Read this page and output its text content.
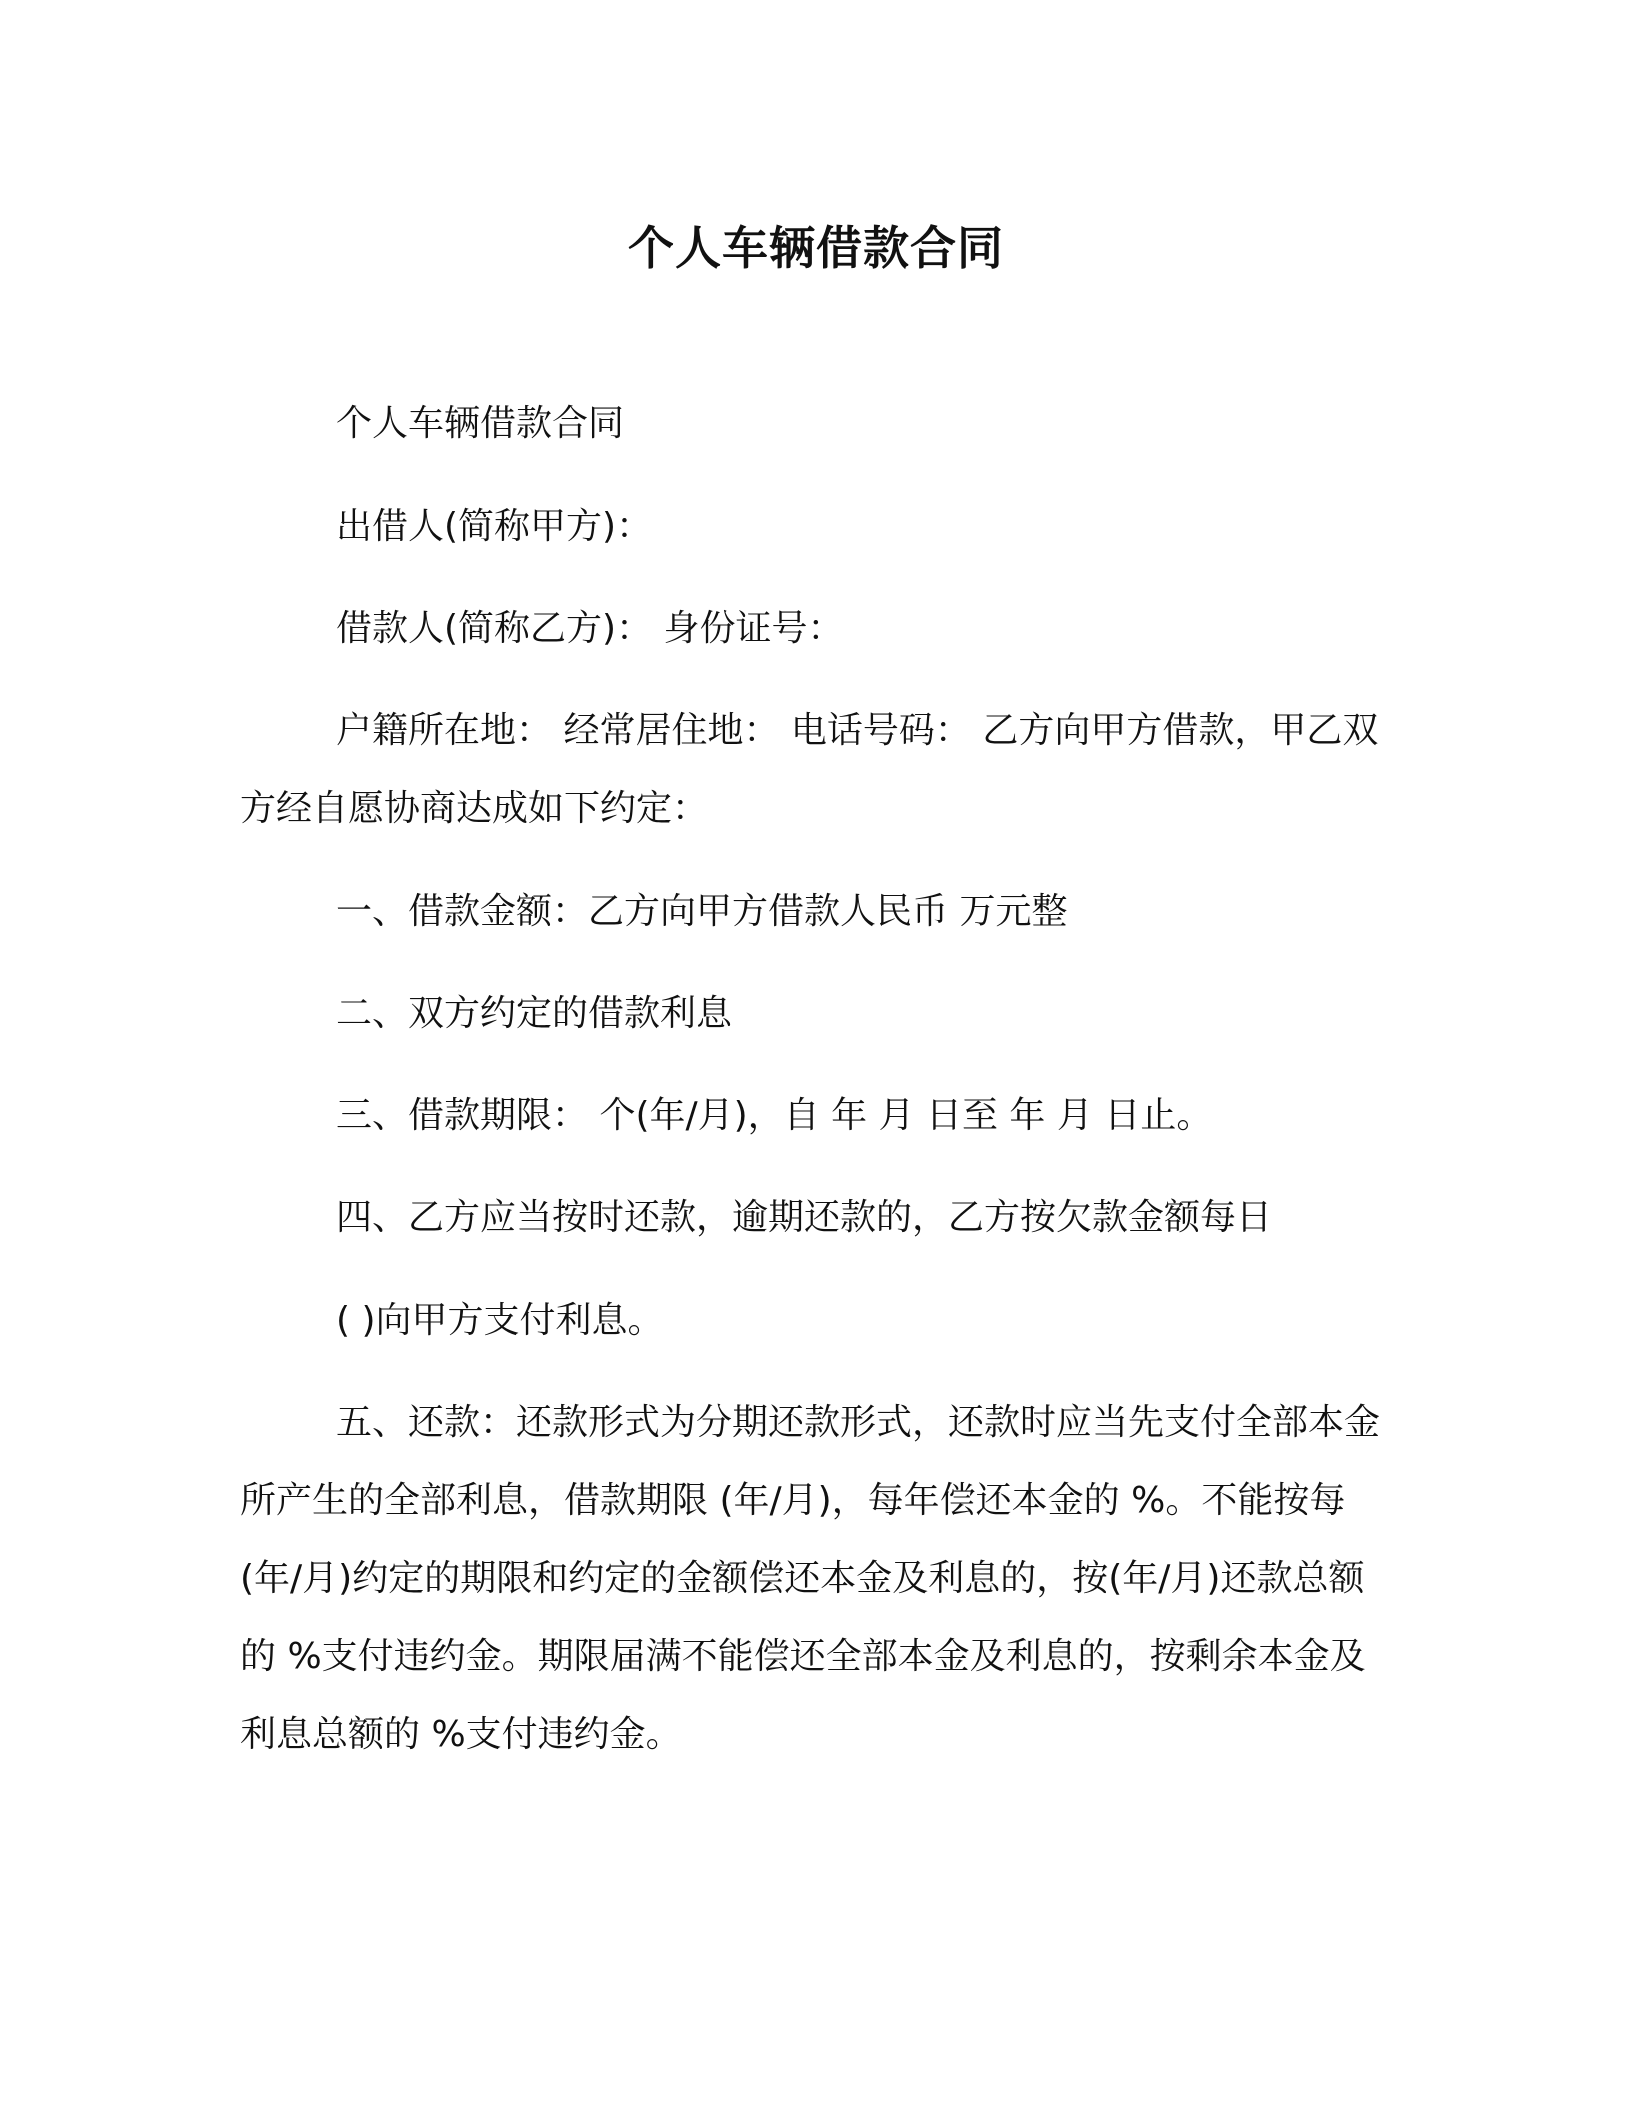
个人车辆借款合同
个人车辆借款合同
出借人(简称甲方)：
借款人(简称乙方)： 身份证号：
户籍所在地： 经常居住地： 电话号码： 乙方向甲方借款，甲乙双方经自愿协商达成如下约定：
一、借款金额：乙方向甲方借款人民币 万元整
二、双方约定的借款利息
三、借款期限： 个(年/月)，自 年 月 日至 年 月 日止。
四、乙方应当按时还款，逾期还款的，乙方按欠款金额每日
( )向甲方支付利息。
五、还款：还款形式为分期还款形式，还款时应当先支付全部本金所产生的全部利息，借款期限 (年/月)，每年偿还本金的 %。不能按每(年/月)约定的期限和约定的金额偿还本金及利息的，按(年/月)还款总额的 %支付违约金。期限届满不能偿还全部本金及利息的，按剩余本金及利息总额的 %支付违约金。
